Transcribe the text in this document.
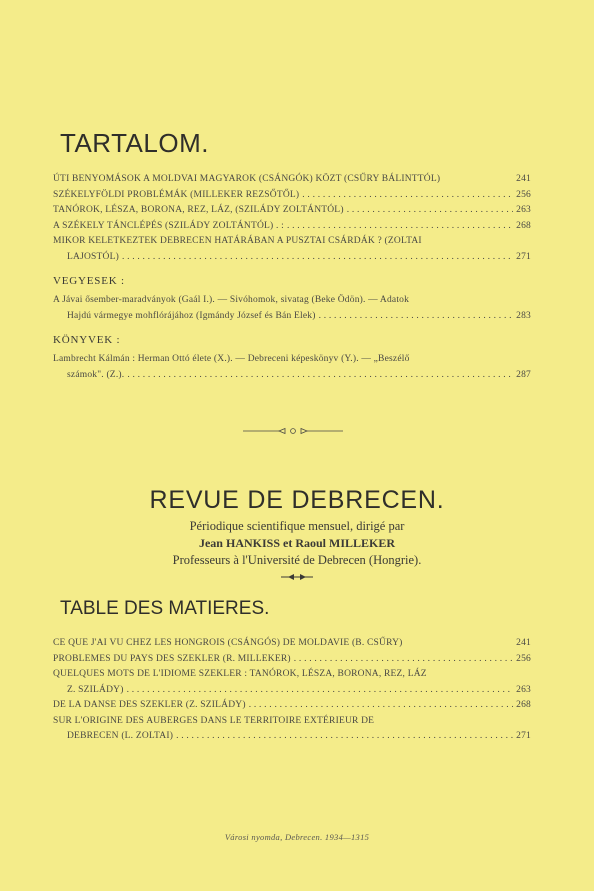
TARTALOM.
ÚTI BENYOMÁSOK A MOLDVAI MAGYAROK (CSÁNGÓK) KÖZT (CSŰRY BÁLINTTÓL)	241
SZÉKELYFÖLDI PROBLÉMÁK (MILLEKER REZSŐTŐL) . . .	256
TANÓROK, LÉSZA, BORONA, REZ, LÁZ, (SZILÁDY ZOLTÁNTÓL) . . .	263
A SZÉKELY TÁNCLÉPÉS (SZILÁDY ZOLTÁNTÓL) . : . . .	268
MIKOR KELETKEZTEK DEBRECEN HATÁRÁBAN A PUSZTAI CSÁRDÁK ? (ZOLTAI
LAJOSTÓL) . . .	271
VEGYESEK :
A Jávai ősember-maradványok (Gaál I.). — Sivóhomok, sivatag (Beke Ödön). — Adatok
Hajdú vármegye mohflórájához (Igmándy József és Bán Elek) . . .	283
KÖNYVEK :
Lambrecht Kálmán : Herman Ottó élete (X.). — Debreceni képeskönyv (Y.). — „Beszélő
számok". (Z.). . . .	287
REVUE DE DEBRECEN.
Périodique scientifique mensuel, dirigé par
Jean HANKISS et Raoul MILLEKER
Professeurs à l'Université de Debrecen (Hongrie).
TABLE DES MATIERES.
CE QUE J'AI VU CHEZ LES HONGROIS (CSÁNGÓS) DE MOLDAVIE (B. CSŰRY)	241
PROBLEMES DU PAYS DES SZEKLER (R. MILLEKER) . . .	256
QUELQUES MOTS DE L'IDIOME SZEKLER : TANÓROK, LÉSZA, BORONA, REZ, LÁZ
Z. SZILÁDY) . . .	263
DE LA DANSE DES SZEKLER (Z. SZILÁDY) . . .	268
SUR L'ORIGINE DES AUBERGES DANS LE TERRITOIRE EXTÉRIEUR DE
DEBRECEN (L. ZOLTAI) . . .	271
Városi nyomda, Debrecen. 1934—1315
